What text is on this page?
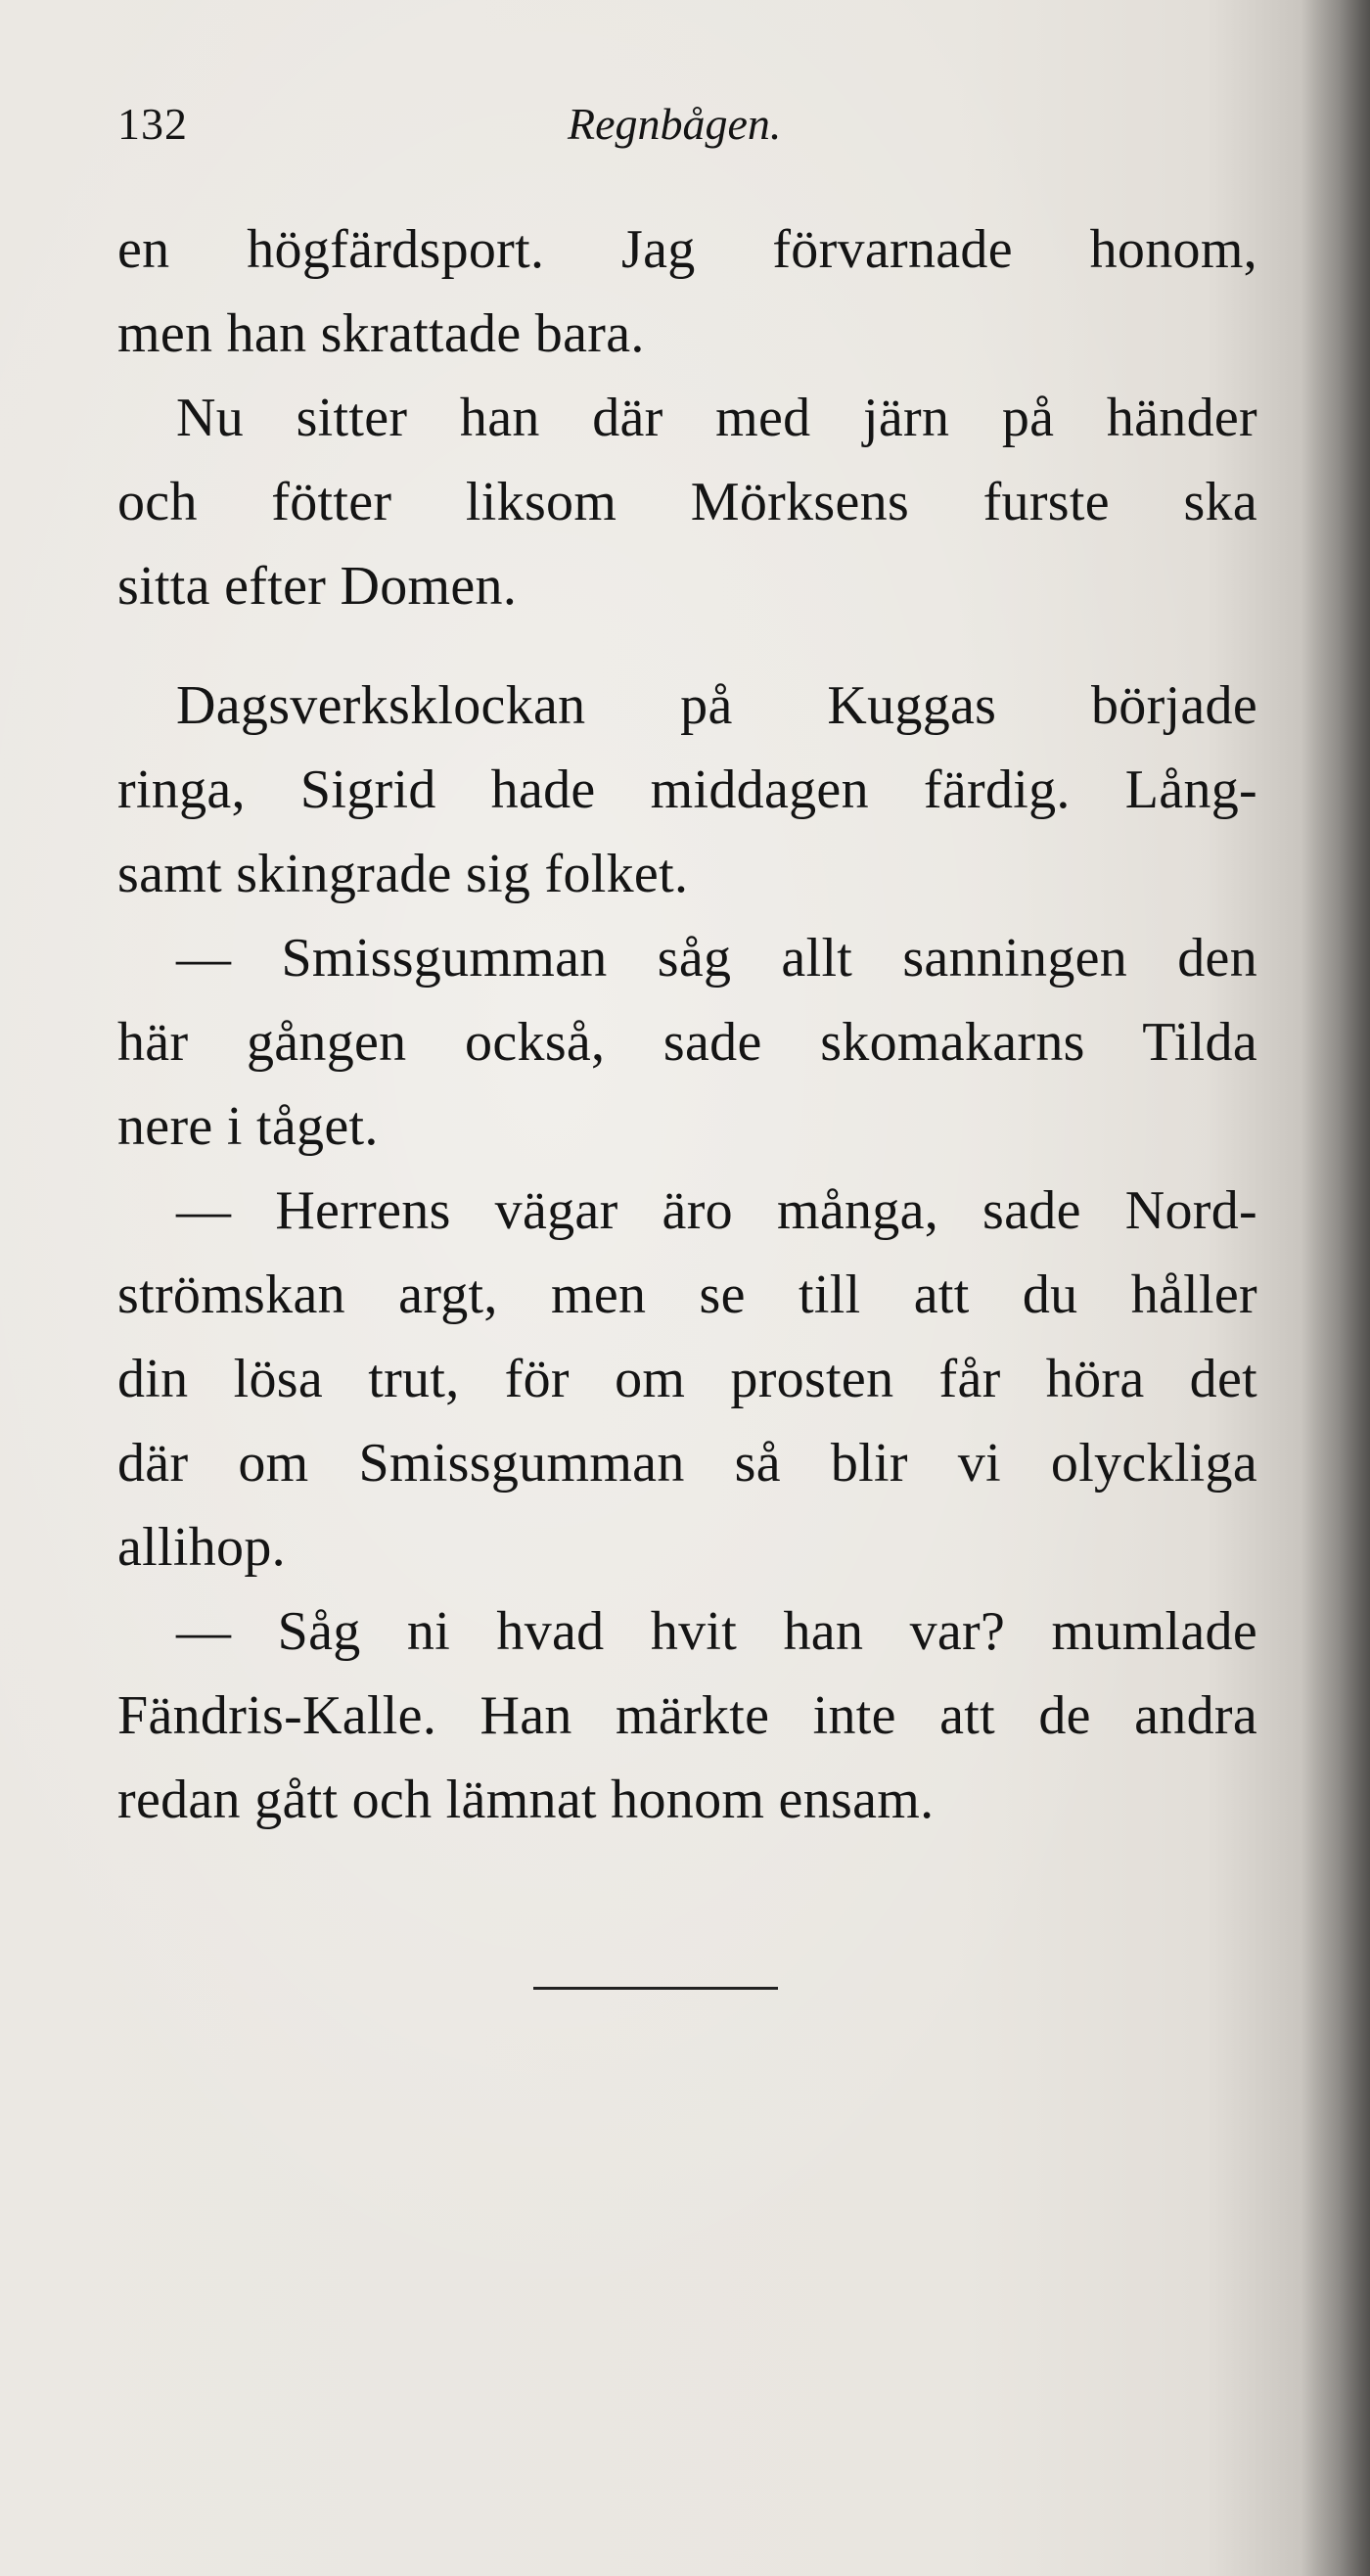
132	Regnbågen.
en högfärdsport. Jag förvarnade honom,
men han skrattade bara.
Nu sitter han där med järn på händer
och fötter liksom Mörksens furste ska
sitta efter Domen.
Dagsverksklockan på Kuggas började
ringa, Sigrid hade middagen färdig. Lång-
samt skingrade sig folket.
— Smissgumman såg allt sanningen den
här gången också, sade skomakarns Tilda
nere i tåget.
— Herrens vägar äro många, sade Nord-
strömskan argt, men se till att du håller
din lösa trut, för om prosten får höra det
där om Smissgumman så blir vi olyckliga
allihop.
— Såg ni hvad hvit han var? mumlade
Fändris-Kalle. Han märkte inte att de andra
redan gått och lämnat honom ensam.
